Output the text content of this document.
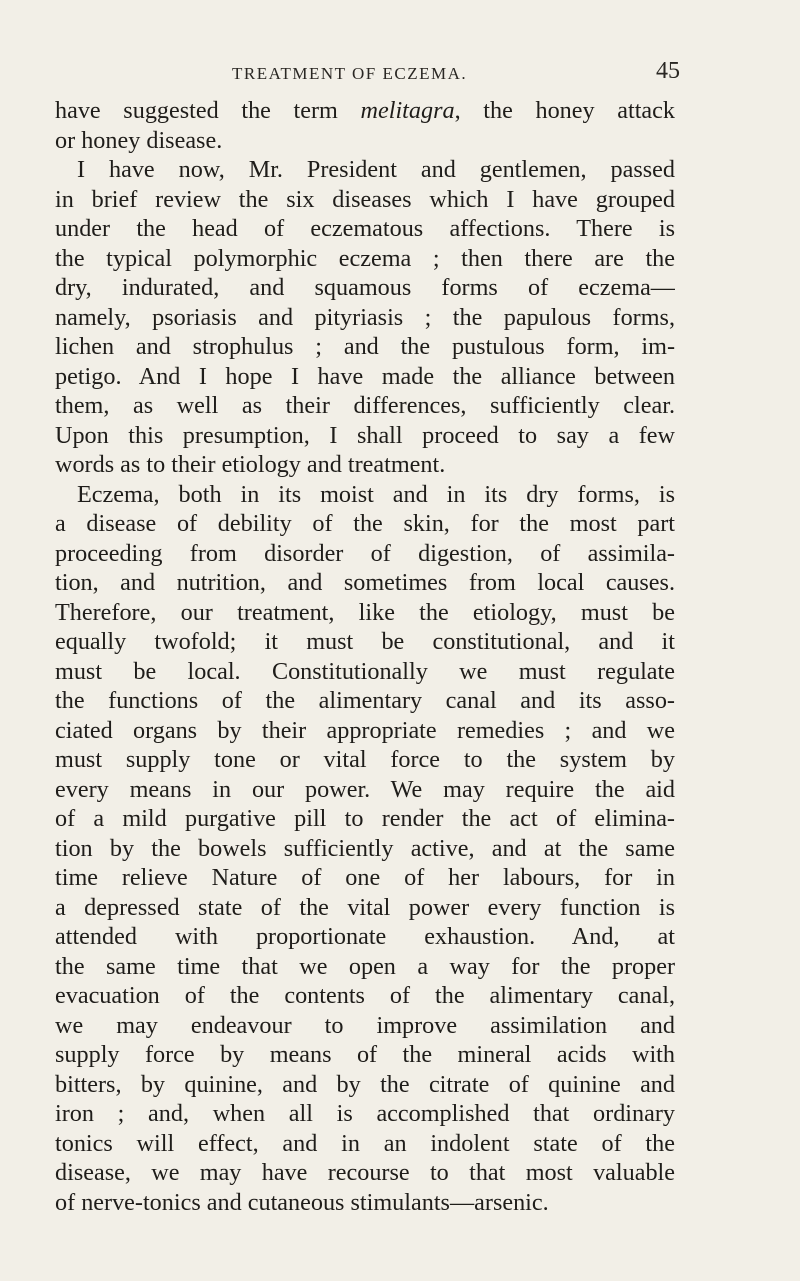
TREATMENT OF ECZEMA.	45
have suggested the term melitagra, the honey attack
or honey disease.
I have now, Mr. President and gentlemen, passed
in brief review the six diseases which I have grouped
under the head of eczematous affections. There is
the typical polymorphic eczema ; then there are the
dry, indurated, and squamous forms of eczema—
namely, psoriasis and pityriasis ; the papulous forms,
lichen and strophulus ; and the pustulous form, im-
petigo. And I hope I have made the alliance between
them, as well as their differences, sufficiently clear.
Upon this presumption, I shall proceed to say a few
words as to their etiology and treatment.
Eczema, both in its moist and in its dry forms, is
a disease of debility of the skin, for the most part
proceeding from disorder of digestion, of assimila-
tion, and nutrition, and sometimes from local causes.
Therefore, our treatment, like the etiology, must be
equally twofold; it must be constitutional, and it
must be local. Constitutionally we must regulate
the functions of the alimentary canal and its asso-
ciated organs by their appropriate remedies ; and we
must supply tone or vital force to the system by
every means in our power. We may require the aid
of a mild purgative pill to render the act of elimina-
tion by the bowels sufficiently active, and at the same
time relieve Nature of one of her labours, for in
a depressed state of the vital power every function is
attended with proportionate exhaustion. And, at
the same time that we open a way for the proper
evacuation of the contents of the alimentary canal,
we may endeavour to improve assimilation and
supply force by means of the mineral acids with
bitters, by quinine, and by the citrate of quinine and
iron ; and, when all is accomplished that ordinary
tonics will effect, and in an indolent state of the
disease, we may have recourse to that most valuable
of nerve-tonics and cutaneous stimulants—arsenic.
